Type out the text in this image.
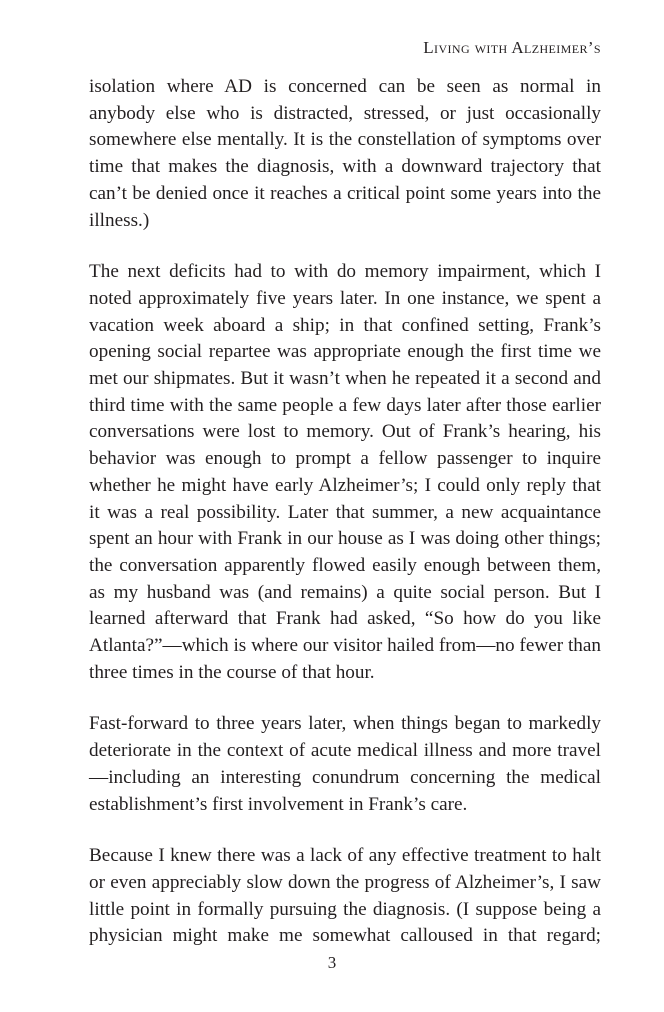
Living with Alzheimer’s

isolation where AD is concerned can be seen as normal in anybody else who is distracted, stressed, or just occasionally somewhere else mentally. It is the constellation of symptoms over time that makes the diagnosis, with a downward trajectory that can’t be denied once it reaches a critical point some years into the illness.)

The next deficits had to with do memory impairment, which I noted approximately five years later. In one instance, we spent a vacation week aboard a ship; in that confined setting, Frank’s opening social repartee was appropriate enough the first time we met our shipmates. But it wasn’t when he repeated it a second and third time with the same people a few days later after those earlier conversations were lost to memory. Out of Frank’s hearing, his behavior was enough to prompt a fellow passenger to inquire whether he might have early Alzheimer’s; I could only reply that it was a real possibility. Later that summer, a new acquaintance spent an hour with Frank in our house as I was doing other things; the conversation apparently flowed easily enough between them, as my husband was (and remains) a quite social person. But I learned afterward that Frank had asked, “So how do you like Atlanta?”—which is where our visitor hailed from—no fewer than three times in the course of that hour.

Fast-forward to three years later, when things began to markedly deteriorate in the context of acute medical illness and more travel—including an interesting conundrum concerning the medical establishment’s first involvement in Frank’s care.

Because I knew there was a lack of any effective treatment to halt or even appreciably slow down the progress of Alzheimer’s, I saw little point in formally pursuing the diagnosis. (I suppose being a physician might make me somewhat calloused in that regard;

3
